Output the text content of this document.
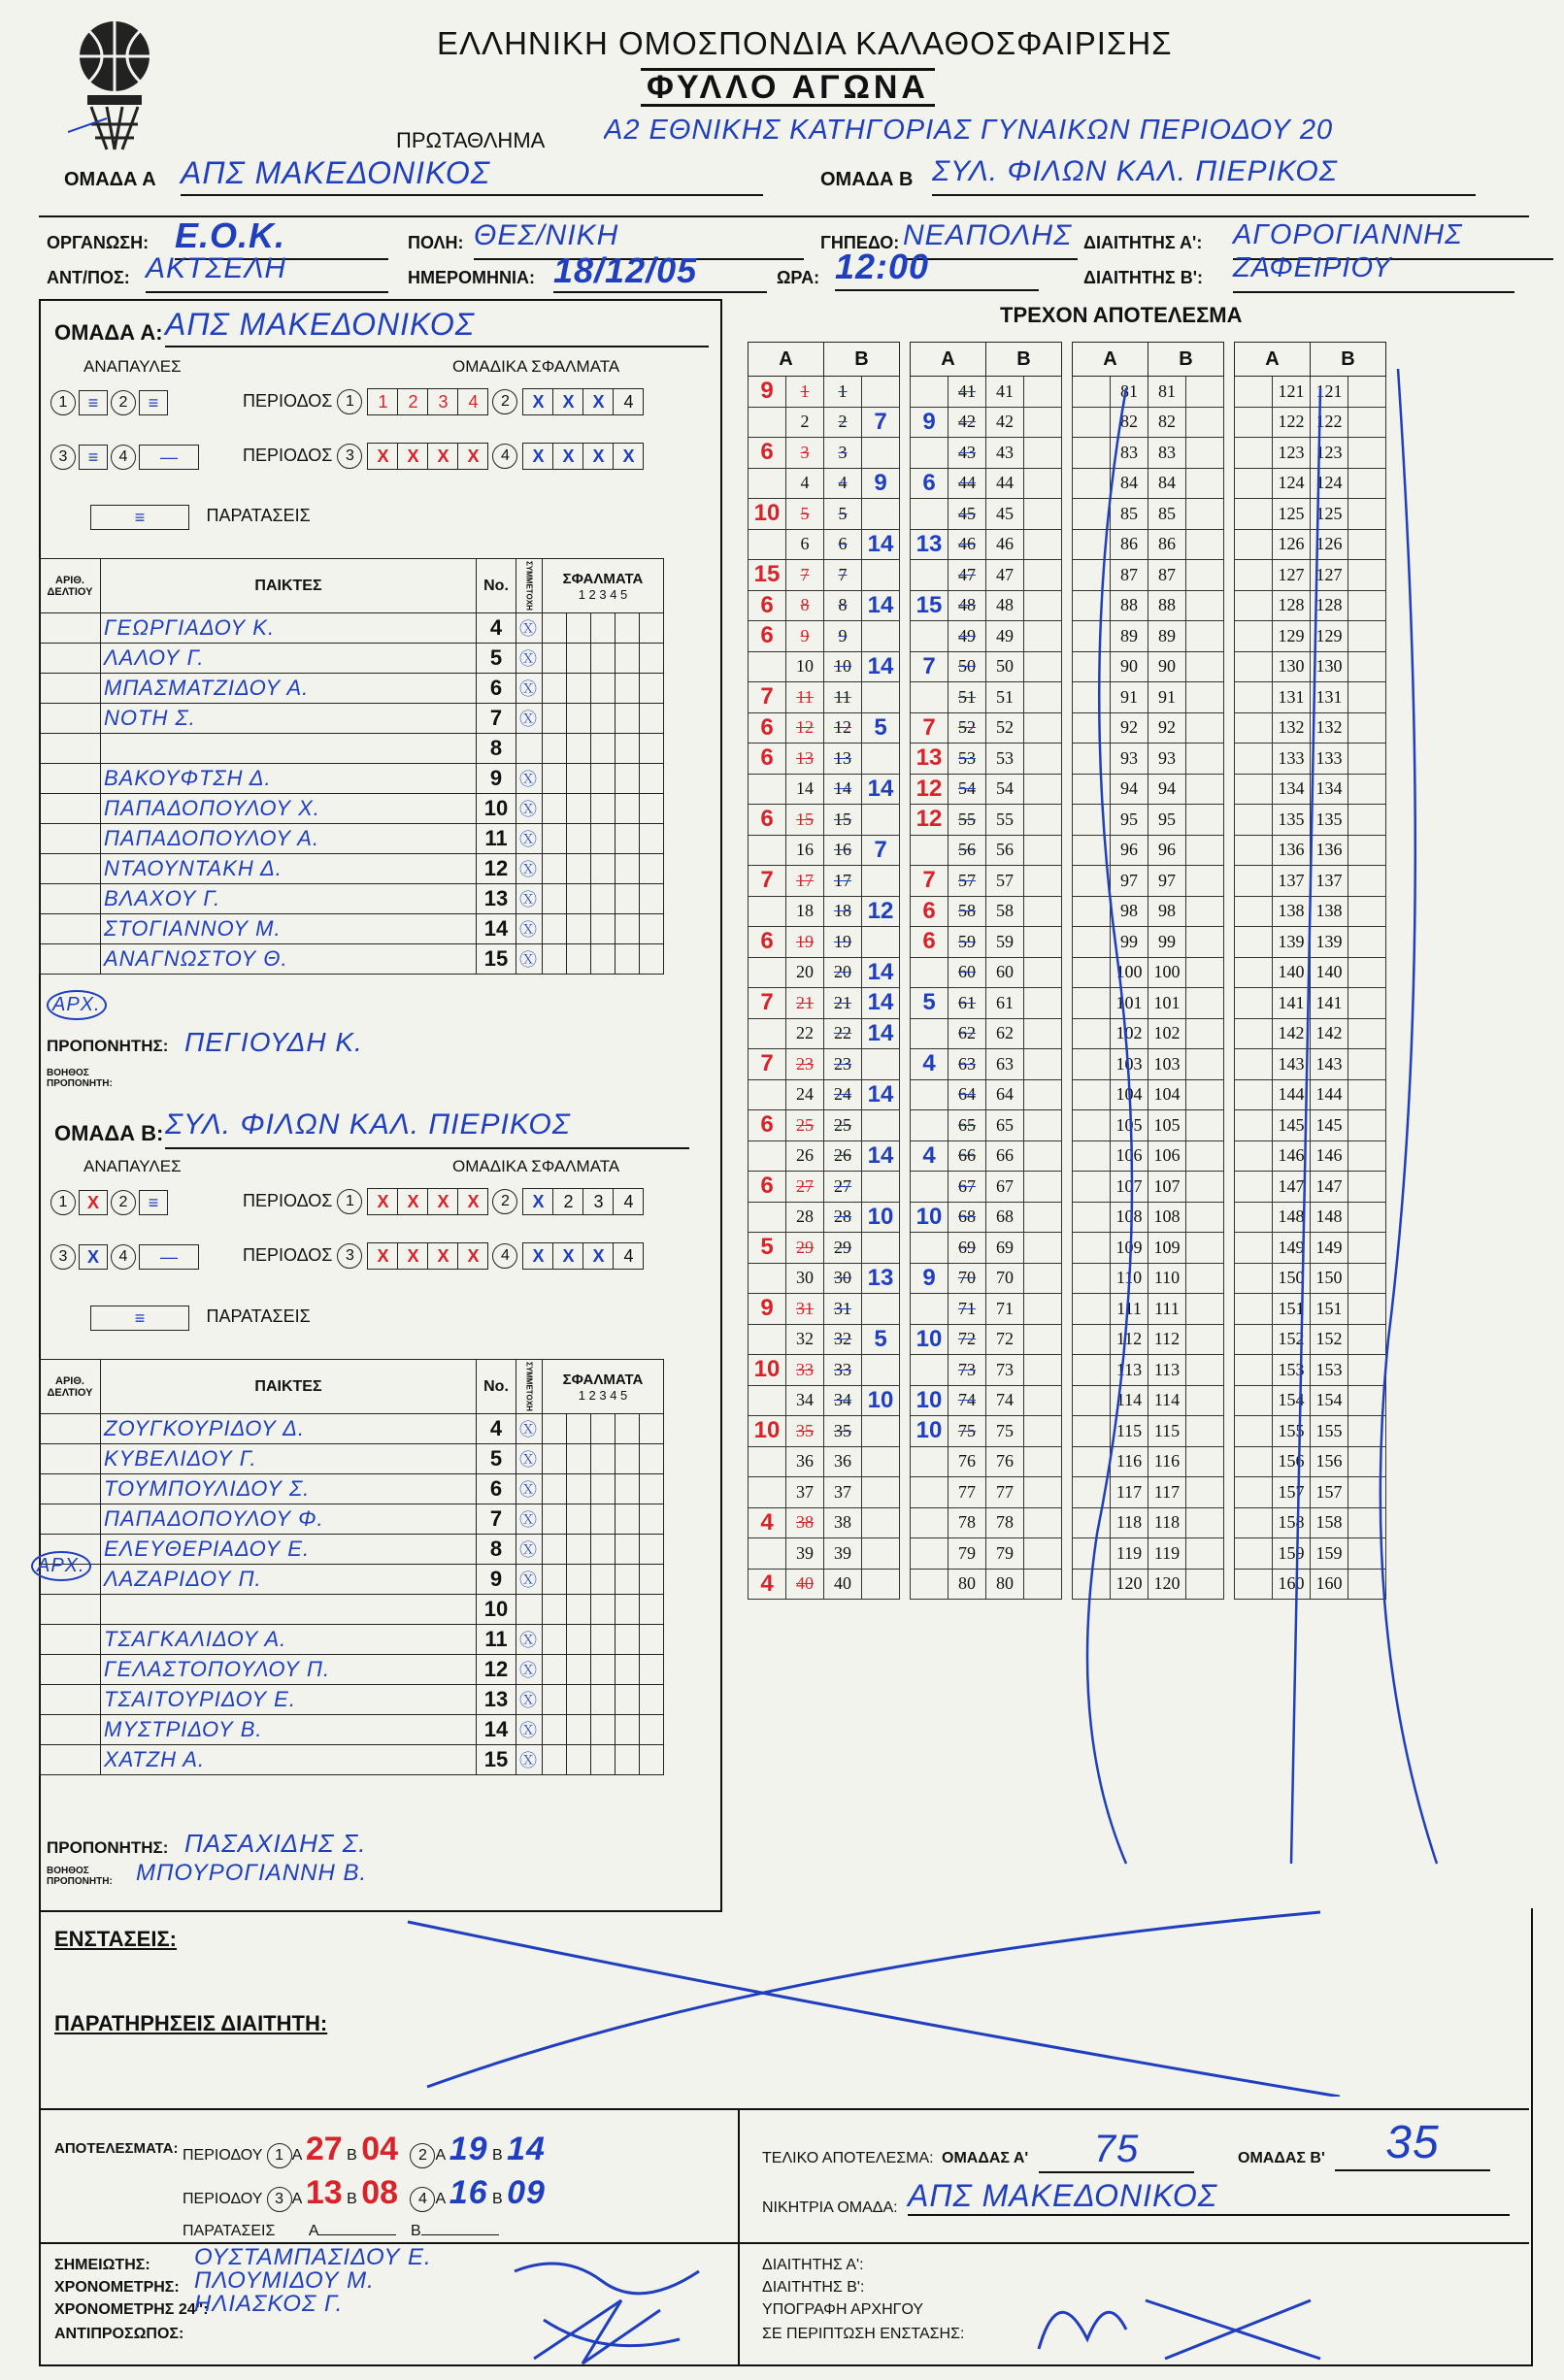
ΕΛΛΗΝΙΚΗ ΟΜΟΣΠΟΝΔΙΑ ΚΑΛΑΘΟΣΦΑΙΡΙΣΗΣ
ΦΥΛΛΟ ΑΓΩΝΑ
ΠΡΩΤΑΘΛΗΜΑ Α2 ΕΘΝΙΚΗΣ ΚΑΤΗΓΟΡΙΑΣ ΓΥΝΑΙΚΩΝ ΠΕΡΙΟΔΟΥ 20
ΟΜΑΔΑ Α ΑΠΣ ΜΑΚΕΔΟΝΙΚΟΣ	ΟΜΑΔΑ Β ΣΥΛ. ΦΙΛΩΝ ΚΑΛ. ΠΙΕΡΙΚΟΣ
ΟΡΓΑΝΩΣΗ: Ε.Ο.Κ.	ΠΟΛΗ: ΘΕΣ/ΝΙΚΗ	ΓΗΠΕΔΟ: ΝΕΑΠΟΛΗΣ ΔΙΑΙΤΗΤΗΣ Α': ΑΓΟΡΟΓΙΑΝΝΗΣ
ΑΝΤ/ΠΟΣ: ΑΚΤΣΕΛΗ	ΗΜΕΡΟΜΗΝΙΑ: 18/12/05	ΩΡΑ: 12:00	ΔΙΑΙΤΗΤΗΣ Β': ΖΑΦΕΙΡΙΟΥ
ΟΜΑΔΑ Α: ΑΠΣ ΜΑΚΕΔΟΝΙΚΟΣ
ΑΝΑΠΑΥΛΕΣ	ΟΜΑΔΙΚΑ ΣΦΑΛΜΑΤΑ
1 ≡ 2 ≡	ΠΕΡΙΟΔΟΣ 1 1 2 3 4 2 X X X 4
3 ≡ 4 —	ΠΕΡΙΟΔΟΣ 3 X X X X 4 X X X X
≡	ΠΑΡΑΤΑΣΕΙΣ
ΑΡΙΘ. ΔΕΛΤΙΟΥ	ΠΑΙΚΤΕΣ	No.	ΣΥΜΜΕΤΟΧΗ	ΣΦΑΛΜΑΤΑ
1 2 3 4 5				

	ΓΕΩΡΓΙΑΔΟΥ Κ.	4	Ⓧ					
	ΛΑΛΟΥ Γ.	5	Ⓧ					
	ΜΠΑΣΜΑΤΖΙΔΟΥ Α.	6	Ⓧ					
	ΝΟΤΗ Σ.	7	Ⓧ					
		8						
	ΒΑΚΟΥΦΤΣΗ Δ.	9	Ⓧ					
	ΠΑΠΑΔΟΠΟΥΛΟΥ Χ.	10	Ⓧ					
	ΠΑΠΑΔΟΠΟΥΛΟΥ Α.	11	Ⓧ					
	ΝΤΑΟΥΝΤΑΚΗ Δ.	12	Ⓧ					
	ΒΛΑΧΟΥ Γ.	13	Ⓧ					
	ΣΤΟΓΙΑΝΝΟΥ Μ.	14	Ⓧ					
	ΑΝΑΓΝΩΣΤΟΥ Θ.	15	Ⓧ					
ΑΡΧ.
ΠΡΟΠΟΝΗΤΗΣ: ΠΕΓΙΟΥΔΗ Κ.
ΒΟΗΘΟΣ ΠΡΟΠΟΝΗΤΗ:
ΟΜΑΔΑ Β: ΣΥΛ. ΦΙΛΩΝ ΚΑΛ. ΠΙΕΡΙΚΟΣ
ΑΝΑΠΑΥΛΕΣ	ΟΜΑΔΙΚΑ ΣΦΑΛΜΑΤΑ
1 X 2 ≡	ΠΕΡΙΟΔΟΣ 1 X X X X 2 X 2 3 4
3 X 4 —	ΠΕΡΙΟΔΟΣ 3 X X X X 4 X X X 4
≡	ΠΑΡΑΤΑΣΕΙΣ
ΑΡΙΘ. ΔΕΛΤΙΟΥ	ΠΑΙΚΤΕΣ	No.	ΣΥΜΜΕΤΟΧΗ	ΣΦΑΛΜΑΤΑ
1 2 3 4 5				

	ΖΟΥΓΚΟΥΡΙΔΟΥ Δ.	4	Ⓧ					
	ΚΥΒΕΛΙΔΟΥ Γ.	5	Ⓧ					
	ΤΟΥΜΠΟΥΛΙΔΟΥ Σ.	6	Ⓧ					
	ΠΑΠΑΔΟΠΟΥΛΟΥ Φ.	7	Ⓧ					
	ΕΛΕΥΘΕΡΙΑΔΟΥ Ε.	8	Ⓧ					
	ΛΑΖΑΡΙΔΟΥ Π.	9	Ⓧ					
		10						
	ΤΣΑΓΚΑΛΙΔΟΥ Α.	11	Ⓧ					
	ΓΕΛΑΣΤΟΠΟΥΛΟΥ Π.	12	Ⓧ					
	ΤΣΑΙΤΟΥΡΙΔΟΥ Ε.	13	Ⓧ					
	ΜΥΣΤΡΙΔΟΥ Β.	14	Ⓧ					
	ΧΑΤΖΗ Α.	15	Ⓧ					
ΑΡΧ.
ΠΡΟΠΟΝΗΤΗΣ: ΠΑΣΑΧΙΔΗΣ Σ.
ΒΟΗΘΟΣ ΠΡΟΠΟΝΗΤΗ: ΜΠΟΥΡΟΓΙΑΝΝΗ Β.
ΤΡΕΧΟΝ ΑΠΟΤΕΛΕΣΜΑ
Α		Β			Α		Β			Α		Β			Α		Β	
9	1	1				41	41				81	81				121	121	
	2	2	7		9	42	42				82	82				122	122	
6	3	3				43	43				83	83				123	123	
	4	4	9		6	44	44				84	84				124	124	
10	5	5				45	45				85	85				125	125	
	6	6	14		13	46	46				86	86				126	126	
15	7	7				47	47				87	87				127	127	
6	8	8	14		15	48	48				88	88				128	128	
6	9	9				49	49				89	89				129	129	
	10	10	14		7	50	50				90	90				130	130	
7	11	11				51	51				91	91				131	131	
6	12	12	5		7	52	52				92	92				132	132	
6	13	13			13	53	53				93	93				133	133	
	14	14	14		12	54	54				94	94				134	134	
6	15	15			12	55	55				95	95				135	135	
	16	16	7			56	56				96	96				136	136	
7	17	17			7	57	57				97	97				137	137	
	18	18	12		6	58	58				98	98				138	138	
6	19	19			6	59	59				99	99				139	139	
	20	20	14			60	60				100	100				140	140	
7	21	21	14		5	61	61				101	101				141	141	
	22	22	14			62	62				102	102				142	142	
7	23	23			4	63	63				103	103				143	143	
	24	24	14			64	64				104	104				144	144	
6	25	25				65	65				105	105				145	145	
	26	26	14		4	66	66				106	106				146	146	
6	27	27				67	67				107	107				147	147	
	28	28	10		10	68	68				108	108				148	148	
5	29	29				69	69				109	109				149	149	
	30	30	13		9	70	70				110	110				150	150	
9	31	31				71	71				111	111				151	151	
	32	32	5		10	72	72				112	112				152	152	
10	33	33				73	73				113	113				153	153	
	34	34	10		10	74	74				114	114				154	154	
10	35	35			10	75	75				115	115				155	155	
	36	36				76	76				116	116				156	156	
	37	37				77	77				117	117				157	157	
4	38	38				78	78				118	118				158	158	
	39	39				79	79				119	119				159	159	
4	40	40				80	80				120	120				160	160	
ΕΝΣΤΑΣΕΙΣ:
ΠΑΡΑΤΗΡΗΣΕΙΣ ΔΙΑΙΤΗΤΗ:
ΑΠΟΤΕΛΕΣΜΑΤΑ: ΠΕΡΙΟΔΟΥ 1 Α 27 Β 04 2 Α 19 Β 14
ΠΕΡΙΟΔΟΥ 3 Α 13 Β 08 4 Α 16 Β 09
ΠΑΡΑΤΑΣΕΙΣ Α	Β
ΤΕΛΙΚΟ ΑΠΟΤΕΛΕΣΜΑ: ΟΜΑΔΑΣ Α'	75	ΟΜΑΔΑΣ Β'	35
ΝΙΚΗΤΡΙΑ ΟΜΑΔΑ: ΑΠΣ ΜΑΚΕΔΟΝΙΚΟΣ
ΣΗΜΕΙΩΤΗΣ: ΟΥΣΤΑΜΠΑΣΙΔΟΥ Ε.
ΧΡΟΝΟΜΕΤΡΗΣ: ΠΛΟΥΜΙΔΟΥ Μ.
ΧΡΟΝΟΜΕΤΡΗΣ 24":
ΗΛΙΑΣΚΟΣ Γ.
ΑΝΤΙΠΡΟΣΩΠΟΣ:
ΔΙΑΙΤΗΤΗΣ Α':
ΔΙΑΙΤΗΤΗΣ Β':
ΥΠΟΓΡΑΦΗ ΑΡΧΗΓΟΥ
ΣΕ ΠΕΡΙΠΤΩΣΗ ΕΝΣΤΑΣΗΣ:
